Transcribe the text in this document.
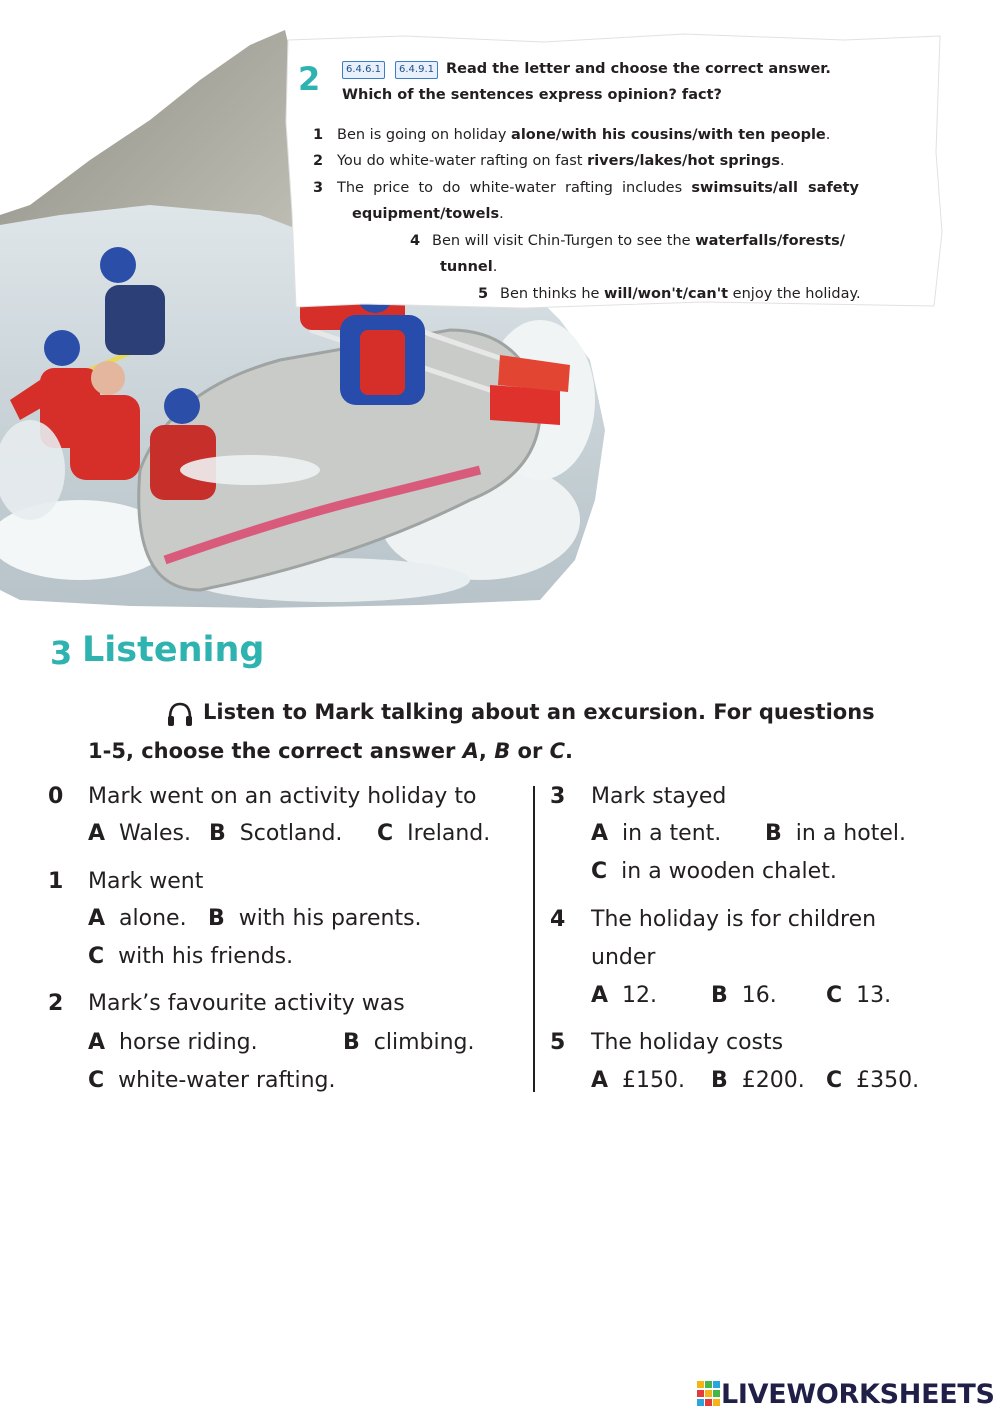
2	6.4.6.1	6.4.9.1 Read the letter and choose the correct answer.
Which of the sentences express opinion? fact?
1 Ben is going on holiday alone/with his cousins/with ten people.
2 You do white-water rafting on fast rivers/lakes/hot springs.
3 The  price  to  do  white-water  rafting  includes  swimsuits/all  safety
equipment/towels.
4 Ben will visit Chin-Turgen to see the waterfalls/forests/
tunnel.
5 Ben thinks he will/won't/can't enjoy the holiday.
3 Listening
Listen to Mark talking about an excursion. For questions
1-5, choose the correct answer A, B or C.
0 Mark went on an activity holiday to
A Wales. B Scotland. C Ireland.
1 Mark went
A alone. B with his parents.
C with his friends.
2 Mark’s favourite activity was
A horse riding.	B climbing.
C white-water rafting.
3 Mark stayed
A in a tent. B in a hotel.
C in a wooden chalet.
4 The holiday is for children
under
A 12. B 16. C 13.
5 The holiday costs
A £150. B £200. C £350.
LIVEWORKSHEETS
